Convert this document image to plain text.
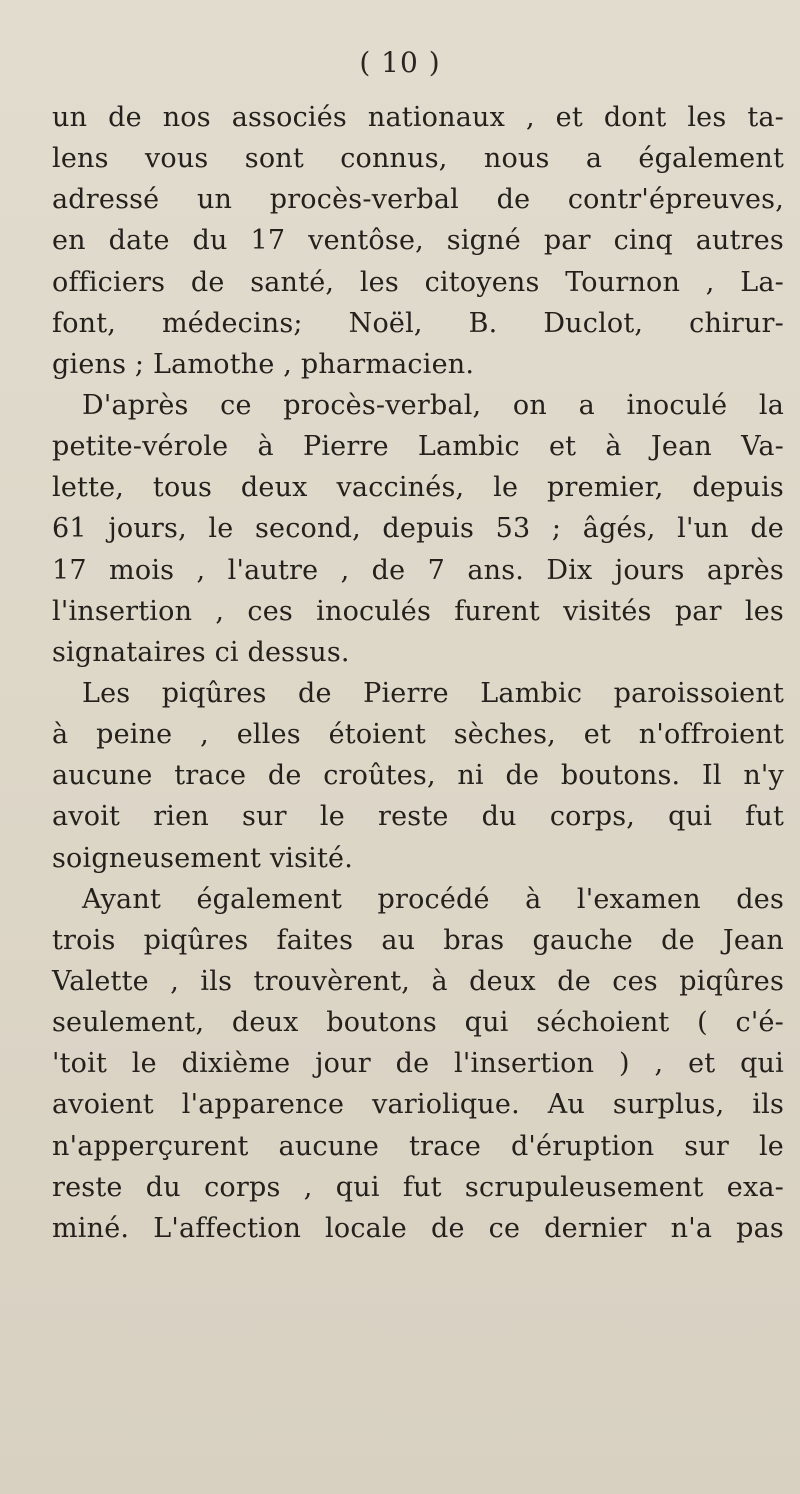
( 10 )
un de nos associés nationaux , et dont les ta-
lens vous sont connus, nous a également
adressé un procès-verbal de contr'épreuves,
en date du 17 ventôse, signé par cinq autres
officiers de santé, les citoyens Tournon , La-
font, médecins; Noël, B. Duclot, chirur-
giens ; Lamothe , pharmacien.
D'après ce procès-verbal, on a inoculé la
petite-vérole à Pierre Lambic et à Jean Va-
lette, tous deux vaccinés, le premier, depuis
61 jours, le second, depuis 53 ; âgés, l'un de
17 mois , l'autre , de 7 ans. Dix jours après
l'insertion , ces inoculés furent visités par les
signataires ci dessus.
Les piqûres de Pierre Lambic paroissoient
à peine , elles étoient sèches, et n'offroient
aucune trace de croûtes, ni de boutons. Il n'y
avoit rien sur le reste du corps, qui fut
soigneusement visité.
Ayant également procédé à l'examen des
trois piqûres faites au bras gauche de Jean
Valette , ils trouvèrent, à deux de ces piqûres
seulement, deux boutons qui séchoient ( c'é-
'toit le dixième jour de l'insertion ) , et qui
avoient l'apparence variolique. Au surplus, ils
n'apperçurent aucune trace d'éruption sur le
reste du corps , qui fut scrupuleusement exa-
miné. L'affection locale de ce dernier n'a pas
